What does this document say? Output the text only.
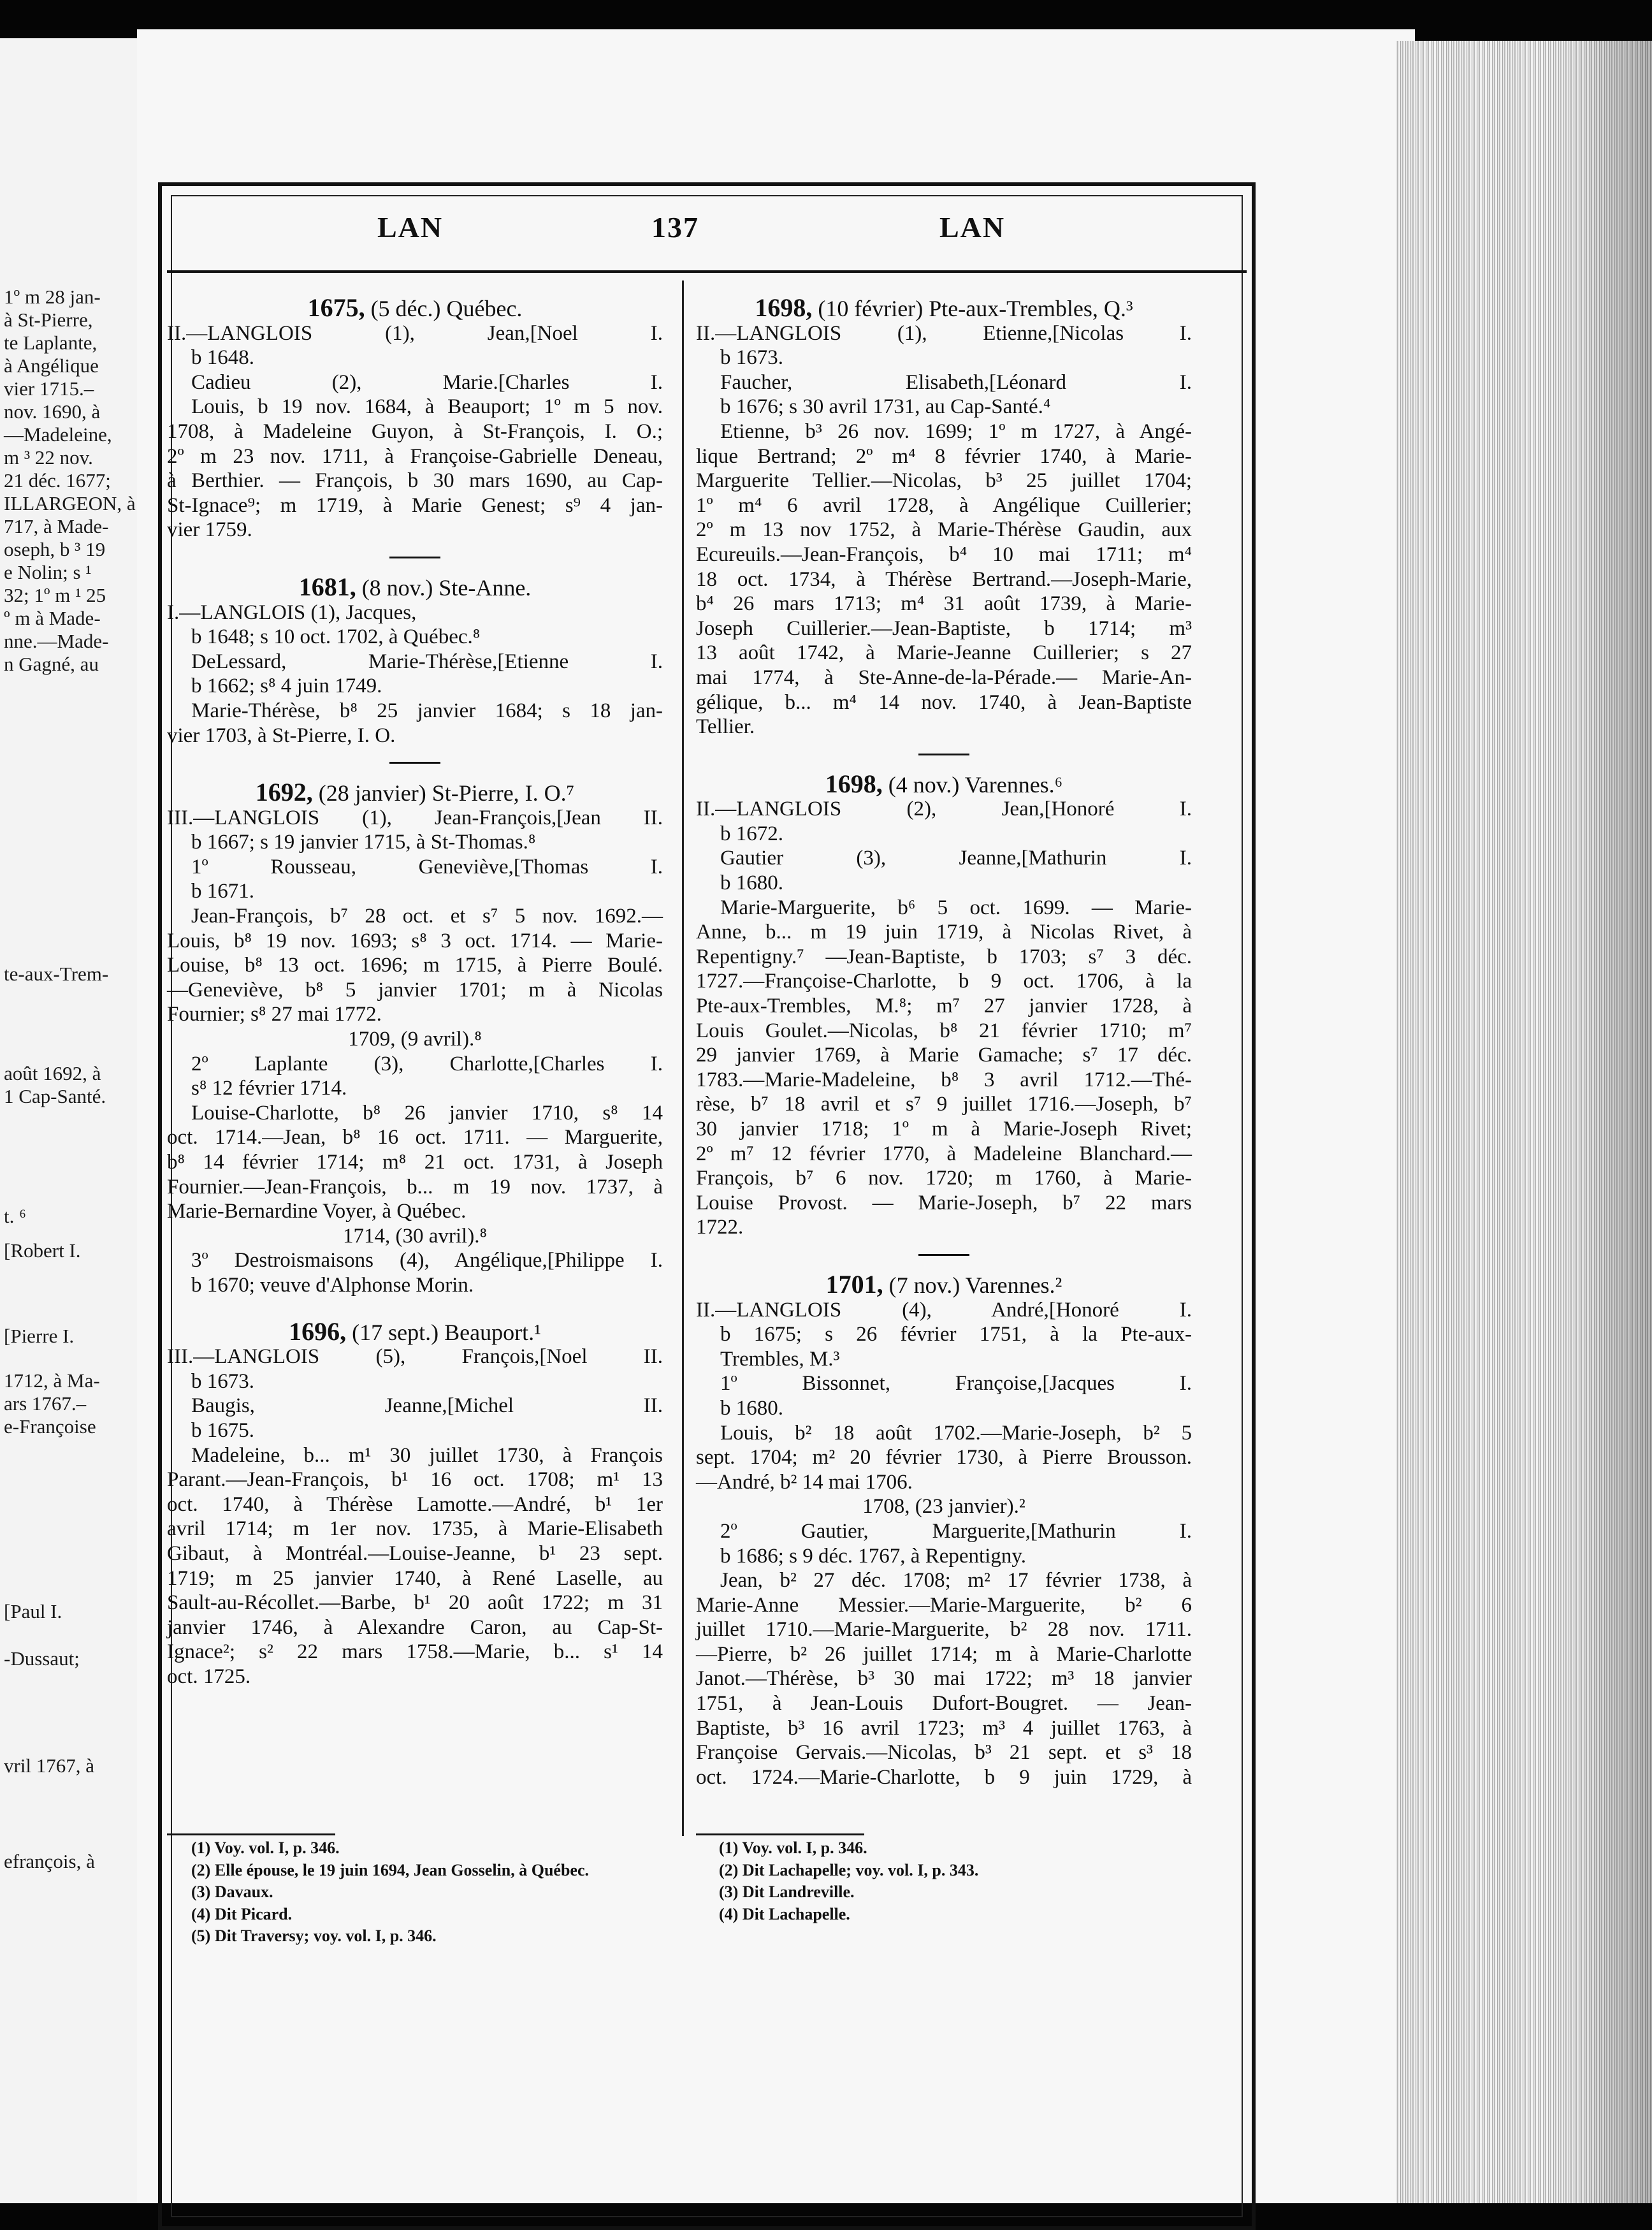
1º m 28 jan-
à St-Pierre,
te Laplante,
à Angélique
vier 1715.–
nov. 1690, à
—Madeleine,
m ³ 22 nov.
21 déc. 1677;
ILLARGEON, à
717, à Made-
oseph, b ³ 19
e Nolin; s ¹
32; 1º m ¹ 25
º m à Made-
nne.—Made-
n Gagné, au
te-aux-Trem-
août 1692, à
1 Cap-Santé.
t. ⁶
[Robert I.
[Pierre I.
1712, à Ma-
ars 1767.–
e-Françoise
[Paul I.
-Dussaut;
vril 1767, à
efrançois, à
LAN	137	LAN
1675, (5 déc.) Québec.
II.—LANGLOIS (1), Jean,[Noel I.
b 1648.
Cadieu (2), Marie.[Charles I.
Louis, b 19 nov. 1684, à Beauport; 1º m 5 nov.
1708, à Madeleine Guyon, à St-François, I. O.;
2º m 23 nov. 1711, à Françoise-Gabrielle Deneau,
à Berthier. — François, b 30 mars 1690, au Cap-
St-Ignace⁹; m 1719, à Marie Genest; s⁹ 4 jan-
vier 1759.
1681, (8 nov.) Ste-Anne.
I.—LANGLOIS (1), Jacques,
b 1648; s 10 oct. 1702, à Québec.⁸
DeLessard, Marie-Thérèse,[Etienne I.
b 1662; s⁸ 4 juin 1749.
Marie-Thérèse, b⁸ 25 janvier 1684; s 18 jan-
vier 1703, à St-Pierre, I. O.
1692, (28 janvier) St-Pierre, I. O.⁷
III.—LANGLOIS (1), Jean-François,[Jean II.
b 1667; s 19 janvier 1715, à St-Thomas.⁸
1º Rousseau, Geneviève,[Thomas I.
b 1671.
Jean-François, b⁷ 28 oct. et s⁷ 5 nov. 1692.—
Louis, b⁸ 19 nov. 1693; s⁸ 3 oct. 1714. — Marie-
Louise, b⁸ 13 oct. 1696; m 1715, à Pierre Boulé.
—Geneviève, b⁸ 5 janvier 1701; m à Nicolas
Fournier; s⁸ 27 mai 1772.
1709, (9 avril).⁸
2º Laplante (3), Charlotte,[Charles I.
s⁸ 12 février 1714.
Louise-Charlotte, b⁸ 26 janvier 1710, s⁸ 14
oct. 1714.—Jean, b⁸ 16 oct. 1711. — Marguerite,
b⁸ 14 février 1714; m⁸ 21 oct. 1731, à Joseph
Fournier.—Jean-François, b... m 19 nov. 1737, à
Marie-Bernardine Voyer, à Québec.
1714, (30 avril).⁸
3º Destroismaisons (4), Angélique,[Philippe I.
b 1670; veuve d'Alphonse Morin.
1696, (17 sept.) Beauport.¹
III.—LANGLOIS (5), François,[Noel II.
b 1673.
Baugis, Jeanne,[Michel II.
b 1675.
Madeleine, b... m¹ 30 juillet 1730, à François
Parant.—Jean-François, b¹ 16 oct. 1708; m¹ 13
oct. 1740, à Thérèse Lamotte.—André, b¹ 1er
avril 1714; m 1er nov. 1735, à Marie-Elisabeth
Gibaut, à Montréal.—Louise-Jeanne, b¹ 23 sept.
1719; m 25 janvier 1740, à René Laselle, au
Sault-au-Récollet.—Barbe, b¹ 20 août 1722; m 31
janvier 1746, à Alexandre Caron, au Cap-St-
Ignace²; s² 22 mars 1758.—Marie, b... s¹ 14
oct. 1725.
1698, (10 février) Pte-aux-Trembles, Q.³
II.—LANGLOIS (1), Etienne,[Nicolas I.
b 1673.
Faucher, Elisabeth,[Léonard I.
b 1676; s 30 avril 1731, au Cap-Santé.⁴
Etienne, b³ 26 nov. 1699; 1º m 1727, à Angé-
lique Bertrand; 2º m⁴ 8 février 1740, à Marie-
Marguerite Tellier.—Nicolas, b³ 25 juillet 1704;
1º m⁴ 6 avril 1728, à Angélique Cuillerier;
2º m 13 nov 1752, à Marie-Thérèse Gaudin, aux
Ecureuils.—Jean-François, b⁴ 10 mai 1711; m⁴
18 oct. 1734, à Thérèse Bertrand.—Joseph-Marie,
b⁴ 26 mars 1713; m⁴ 31 août 1739, à Marie-
Joseph Cuillerier.—Jean-Baptiste, b 1714; m³
13 août 1742, à Marie-Jeanne Cuillerier; s 27
mai 1774, à Ste-Anne-de-la-Pérade.— Marie-An-
gélique, b... m⁴ 14 nov. 1740, à Jean-Baptiste
Tellier.
1698, (4 nov.) Varennes.⁶
II.—LANGLOIS (2), Jean,[Honoré I.
b 1672.
Gautier (3), Jeanne,[Mathurin I.
b 1680.
Marie-Marguerite, b⁶ 5 oct. 1699. — Marie-
Anne, b... m 19 juin 1719, à Nicolas Rivet, à
Repentigny.⁷ —Jean-Baptiste, b 1703; s⁷ 3 déc.
1727.—Françoise-Charlotte, b 9 oct. 1706, à la
Pte-aux-Trembles, M.⁸; m⁷ 27 janvier 1728, à
Louis Goulet.—Nicolas, b⁸ 21 février 1710; m⁷
29 janvier 1769, à Marie Gamache; s⁷ 17 déc.
1783.—Marie-Madeleine, b⁸ 3 avril 1712.—Thé-
rèse, b⁷ 18 avril et s⁷ 9 juillet 1716.—Joseph, b⁷
30 janvier 1718; 1º m à Marie-Joseph Rivet;
2º m⁷ 12 février 1770, à Madeleine Blanchard.—
François, b⁷ 6 nov. 1720; m 1760, à Marie-
Louise Provost. — Marie-Joseph, b⁷ 22 mars
1722.
1701, (7 nov.) Varennes.²
II.—LANGLOIS (4), André,[Honoré I.
b 1675; s 26 février 1751, à la Pte-aux-
Trembles, M.³
1º Bissonnet, Françoise,[Jacques I.
b 1680.
Louis, b² 18 août 1702.—Marie-Joseph, b² 5
sept. 1704; m² 20 février 1730, à Pierre Brousson.
—André, b² 14 mai 1706.
1708, (23 janvier).²
2º Gautier, Marguerite,[Mathurin I.
b 1686; s 9 déc. 1767, à Repentigny.
Jean, b² 27 déc. 1708; m² 17 février 1738, à
Marie-Anne Messier.—Marie-Marguerite, b² 6
juillet 1710.—Marie-Marguerite, b² 28 nov. 1711.
—Pierre, b² 26 juillet 1714; m à Marie-Charlotte
Janot.—Thérèse, b³ 30 mai 1722; m³ 18 janvier
1751, à Jean-Louis Dufort-Bougret. — Jean-
Baptiste, b³ 16 avril 1723; m³ 4 juillet 1763, à
Françoise Gervais.—Nicolas, b³ 21 sept. et s³ 18
oct. 1724.—Marie-Charlotte, b 9 juin 1729, à
(1) Voy. vol. I, p. 346.
(2) Elle épouse, le 19 juin 1694, Jean Gosselin, à Québec.
(3) Davaux.
(4) Dit Picard.
(5) Dit Traversy; voy. vol. I, p. 346.
(1) Voy. vol. I, p. 346.
(2) Dit Lachapelle; voy. vol. I, p. 343.
(3) Dit Landreville.
(4) Dit Lachapelle.
